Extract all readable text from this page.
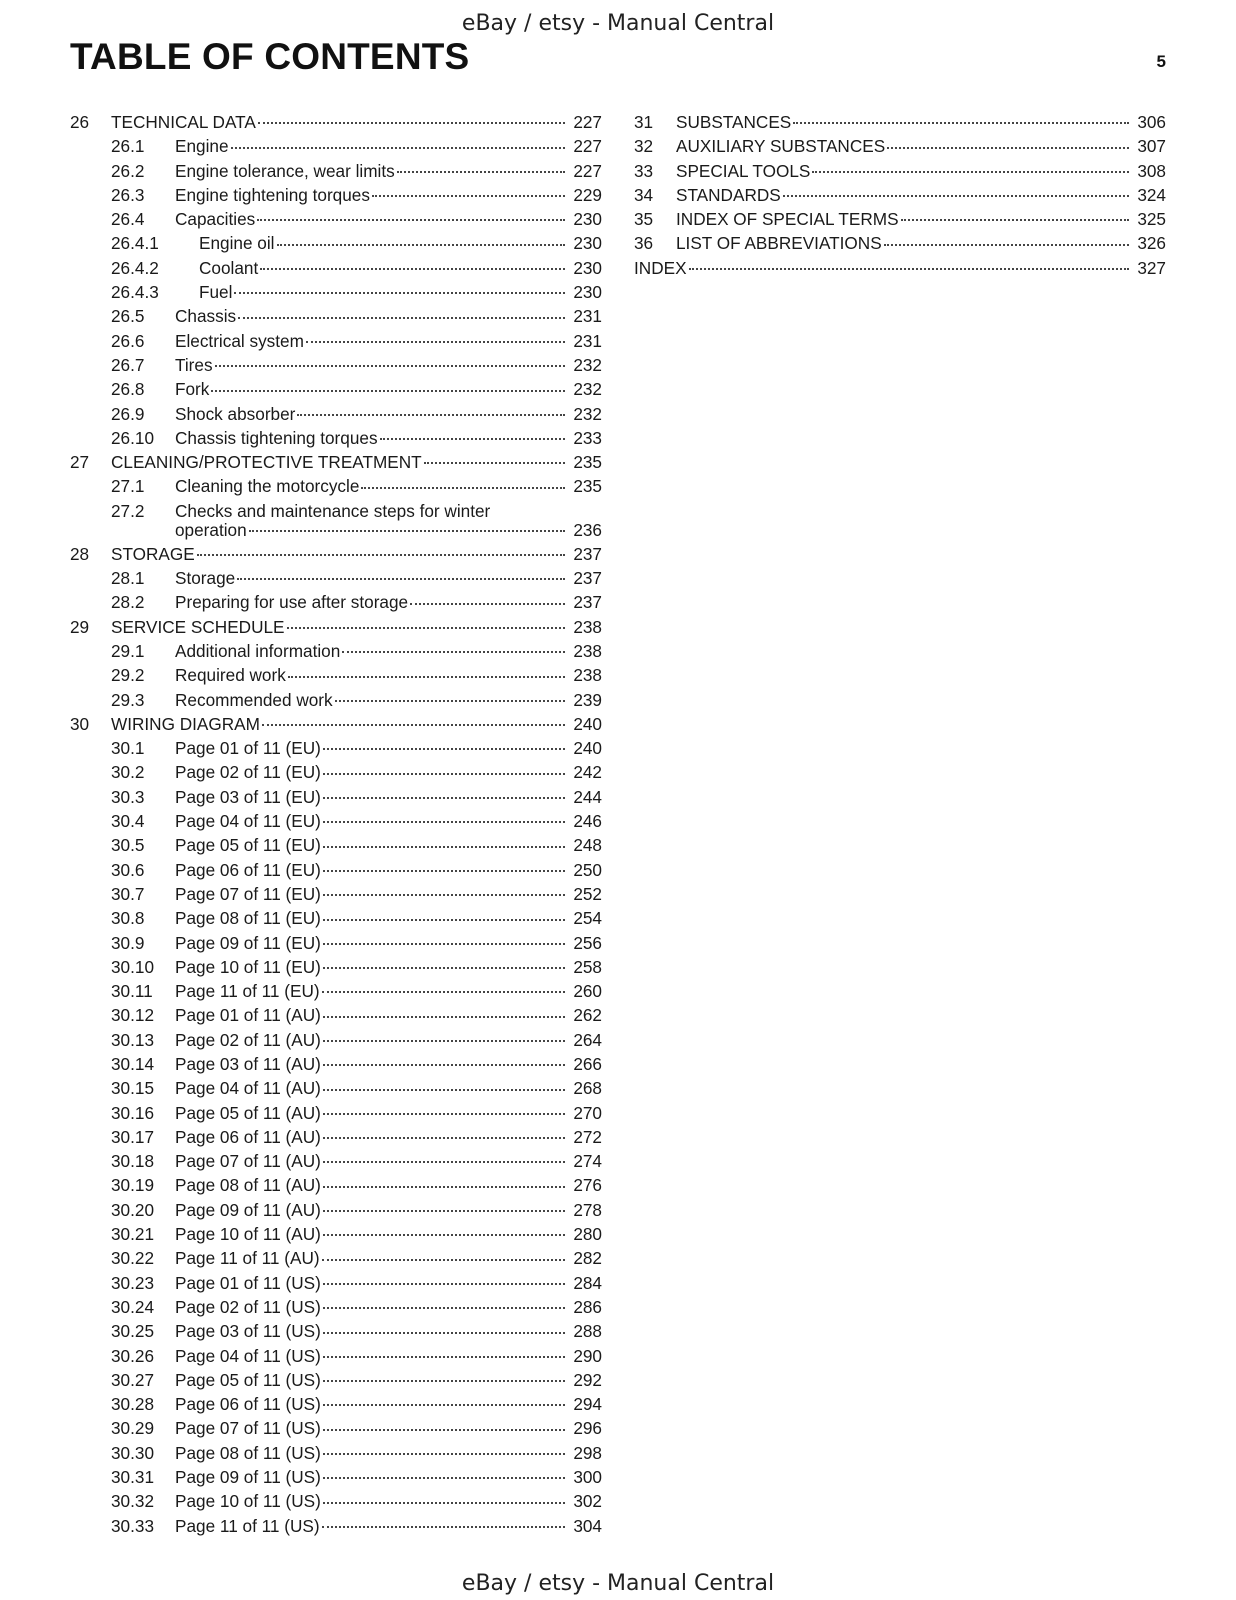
eBay / etsy - Manual Central
TABLE OF CONTENTS	5
26 TECHNICAL DATA	227
26.1 Engine	227
26.2 Engine tolerance, wear limits	227
26.3 Engine tightening torques	229
26.4 Capacities	230
26.4.1 Engine oil	230
26.4.2 Coolant	230
26.4.3 Fuel	230
26.5 Chassis	231
26.6 Electrical system	231
26.7 Tires	232
26.8 Fork	232
26.9 Shock absorber	232
26.10 Chassis tightening torques	233
27 CLEANING/PROTECTIVE TREATMENT	235
27.1 Cleaning the motorcycle	235
27.2 Checks and maintenance steps for winter
operation	236
28 STORAGE	237
28.1 Storage	237
28.2 Preparing for use after storage	237
29 SERVICE SCHEDULE	238
29.1 Additional information	238
29.2 Required work	238
29.3 Recommended work	239
30 WIRING DIAGRAM	240
30.1 Page 01 of 11 (EU)	240
30.2 Page 02 of 11 (EU)	242
30.3 Page 03 of 11 (EU)	244
30.4 Page 04 of 11 (EU)	246
30.5 Page 05 of 11 (EU)	248
30.6 Page 06 of 11 (EU)	250
30.7 Page 07 of 11 (EU)	252
30.8 Page 08 of 11 (EU)	254
30.9 Page 09 of 11 (EU)	256
30.10 Page 10 of 11 (EU)	258
30.11 Page 11 of 11 (EU)	260
30.12 Page 01 of 11 (AU)	262
30.13 Page 02 of 11 (AU)	264
30.14 Page 03 of 11 (AU)	266
30.15 Page 04 of 11 (AU)	268
30.16 Page 05 of 11 (AU)	270
30.17 Page 06 of 11 (AU)	272
30.18 Page 07 of 11 (AU)	274
30.19 Page 08 of 11 (AU)	276
30.20 Page 09 of 11 (AU)	278
30.21 Page 10 of 11 (AU)	280
30.22 Page 11 of 11 (AU)	282
30.23 Page 01 of 11 (US)	284
30.24 Page 02 of 11 (US)	286
30.25 Page 03 of 11 (US)	288
30.26 Page 04 of 11 (US)	290
30.27 Page 05 of 11 (US)	292
30.28 Page 06 of 11 (US)	294
30.29 Page 07 of 11 (US)	296
30.30 Page 08 of 11 (US)	298
30.31 Page 09 of 11 (US)	300
30.32 Page 10 of 11 (US)	302
30.33 Page 11 of 11 (US)	304
31 SUBSTANCES	306
32 AUXILIARY SUBSTANCES	307
33 SPECIAL TOOLS	308
34 STANDARDS	324
35 INDEX OF SPECIAL TERMS	325
36 LIST OF ABBREVIATIONS	326
INDEX	327
eBay / etsy - Manual Central
